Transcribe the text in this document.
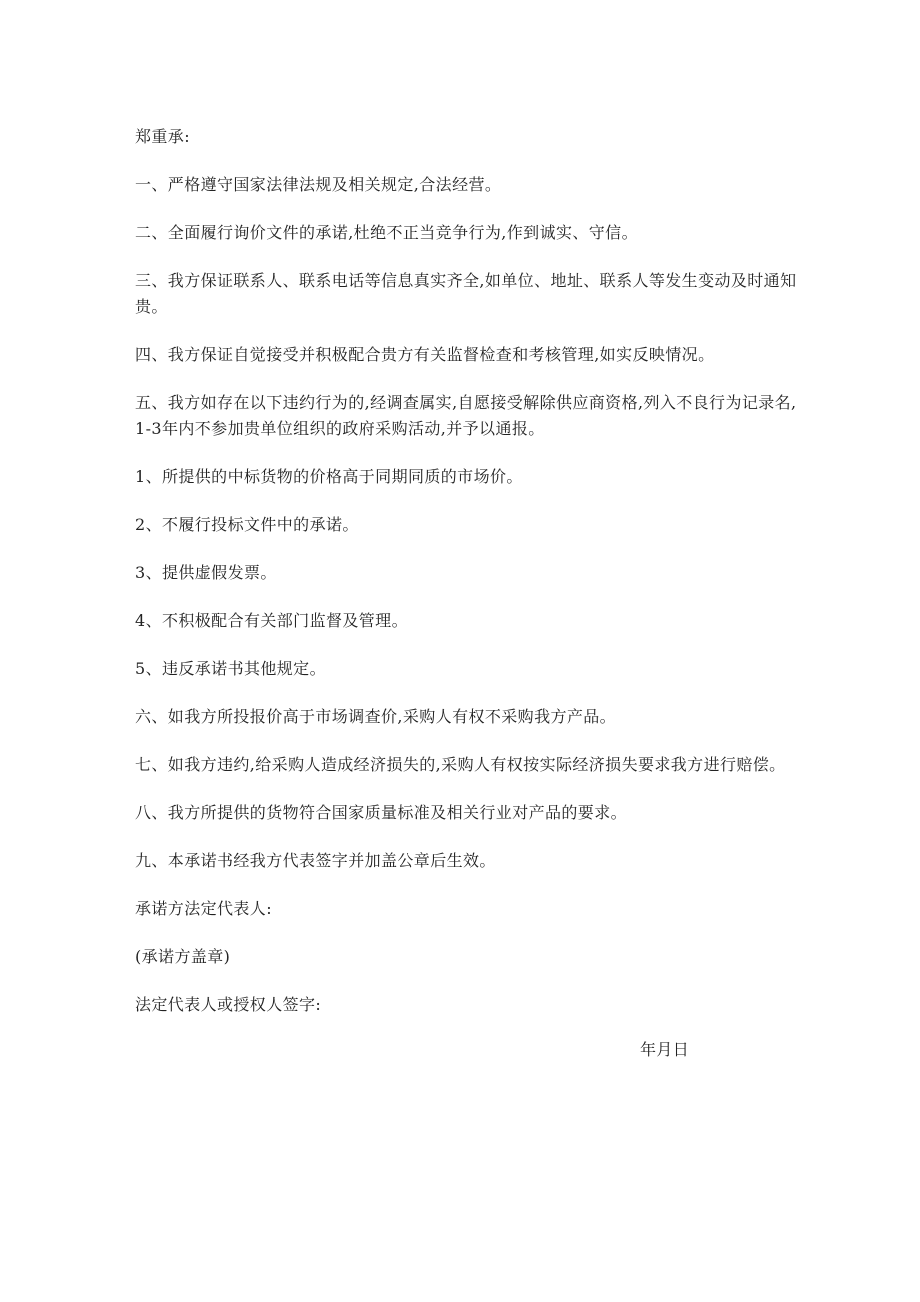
郑重承:

一、严格遵守国家法律法规及相关规定,合法经营。

二、全面履行询价文件的承诺,杜绝不正当竞争行为,作到诚实、守信。

三、我方保证联系人、联系电话等信息真实齐全,如单位、地址、联系人等发生变动及时通知贵。

四、我方保证自觉接受并积极配合贵方有关监督检查和考核管理,如实反映情况。

五、我方如存在以下违约行为的,经调查属实,自愿接受解除供应商资格,列入不良行为记录名,1-3年内不参加贵单位组织的政府采购活动,并予以通报。

1、所提供的中标货物的价格高于同期同质的市场价。

2、不履行投标文件中的承诺。

3、提供虚假发票。

4、不积极配合有关部门监督及管理。

5、违反承诺书其他规定。

六、如我方所投报价高于市场调查价,采购人有权不采购我方产品。

七、如我方违约,给采购人造成经济损失的,采购人有权按实际经济损失要求我方进行赔偿。

八、我方所提供的货物符合国家质量标准及相关行业对产品的要求。

九、本承诺书经我方代表签字并加盖公章后生效。

承诺方法定代表人:

(承诺方盖章)

法定代表人或授权人签字:

年月日
